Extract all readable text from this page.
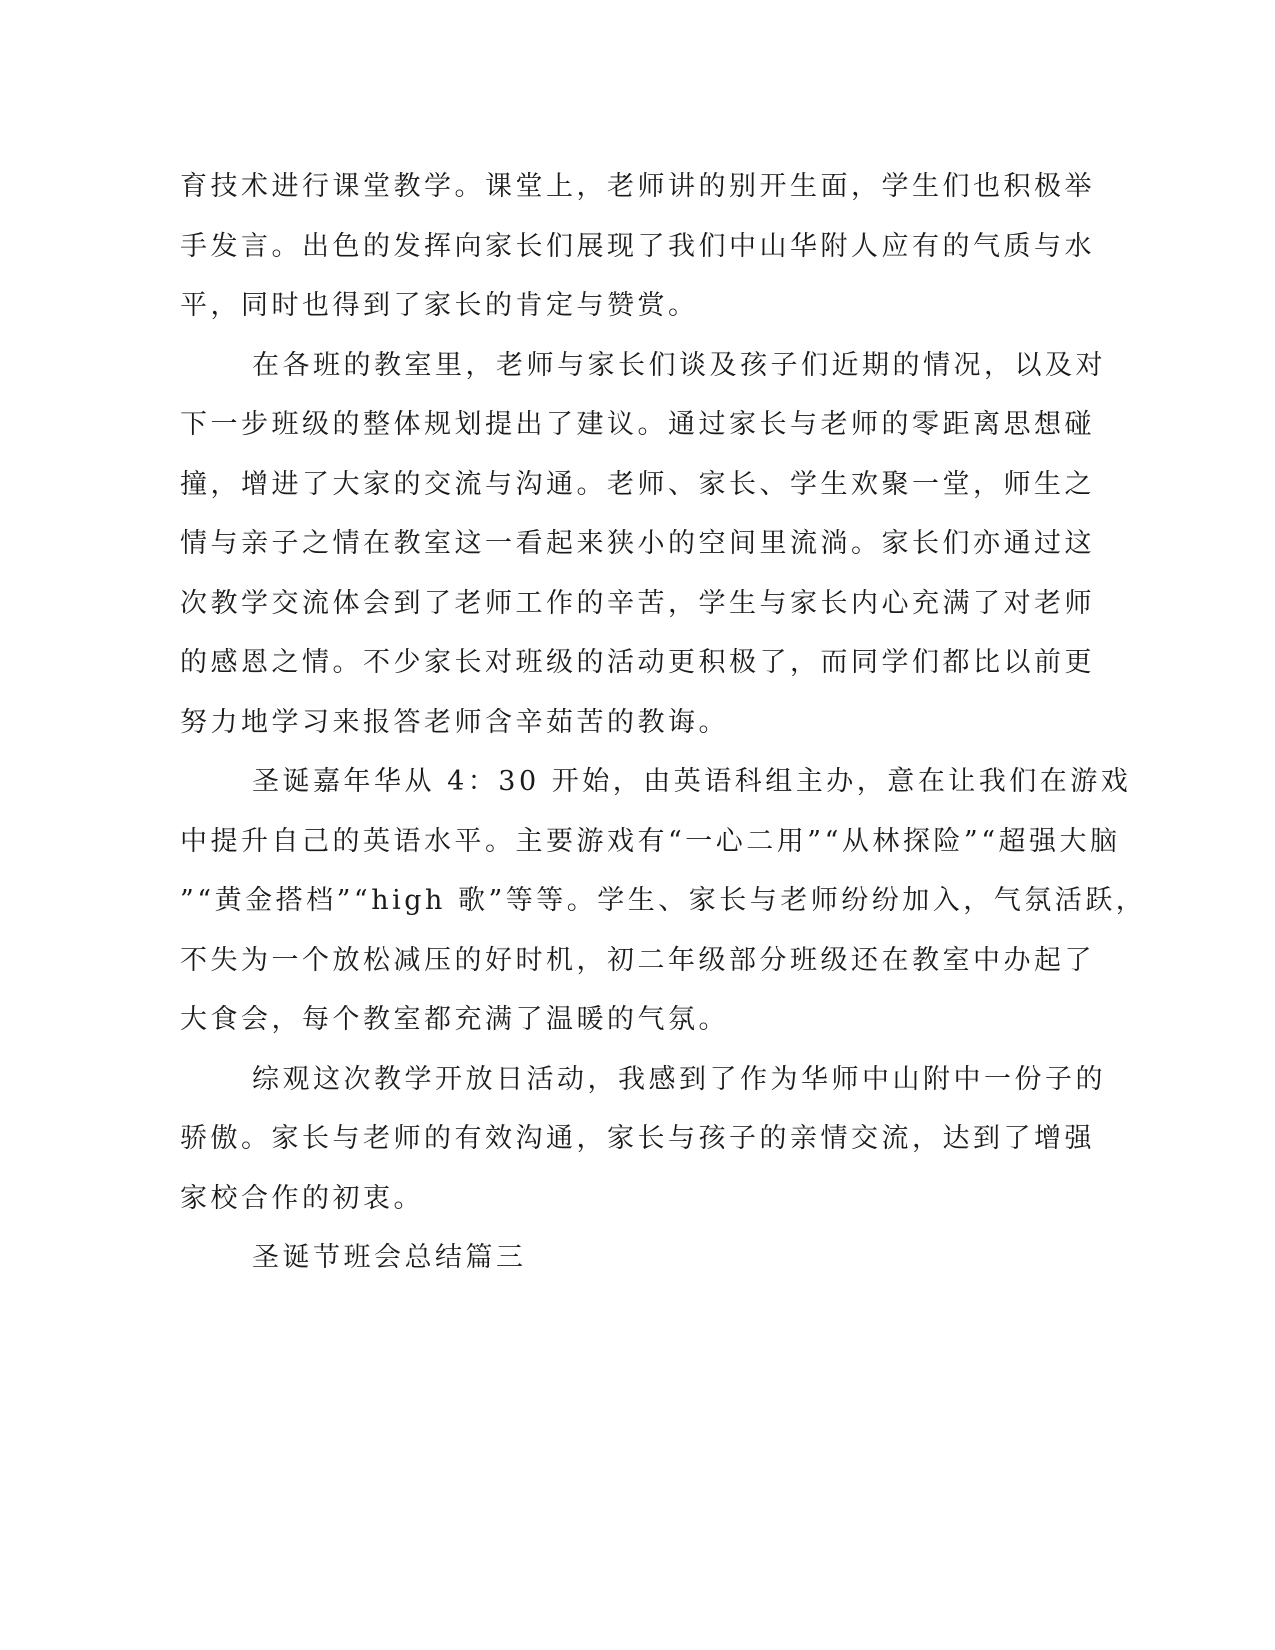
育技术进行课堂教学。课堂上，老师讲的别开生面，学生们也积极举
手发言。出色的发挥向家长们展现了我们中山华附人应有的气质与水
平，同时也得到了家长的肯定与赞赏。

在各班的教室里，老师与家长们谈及孩子们近期的情况，以及对
下一步班级的整体规划提出了建议。通过家长与老师的零距离思想碰
撞，增进了大家的交流与沟通。老师、家长、学生欢聚一堂，师生之
情与亲子之情在教室这一看起来狭小的空间里流淌。家长们亦通过这
次教学交流体会到了老师工作的辛苦，学生与家长内心充满了对老师
的感恩之情。不少家长对班级的活动更积极了，而同学们都比以前更
努力地学习来报答老师含辛茹苦的教诲。

圣诞嘉年华从 4：30 开始，由英语科组主办，意在让我们在游戏
中提升自己的英语水平。主要游戏有“一心二用”“从林探险”“超强大脑
”“黄金搭档”“high 歌”等等。学生、家长与老师纷纷加入，气氛活跃，
不失为一个放松减压的好时机，初二年级部分班级还在教室中办起了
大食会，每个教室都充满了温暖的气氛。

综观这次教学开放日活动，我感到了作为华师中山附中一份子的
骄傲。家长与老师的有效沟通，家长与孩子的亲情交流，达到了增强
家校合作的初衷。

圣诞节班会总结篇三
